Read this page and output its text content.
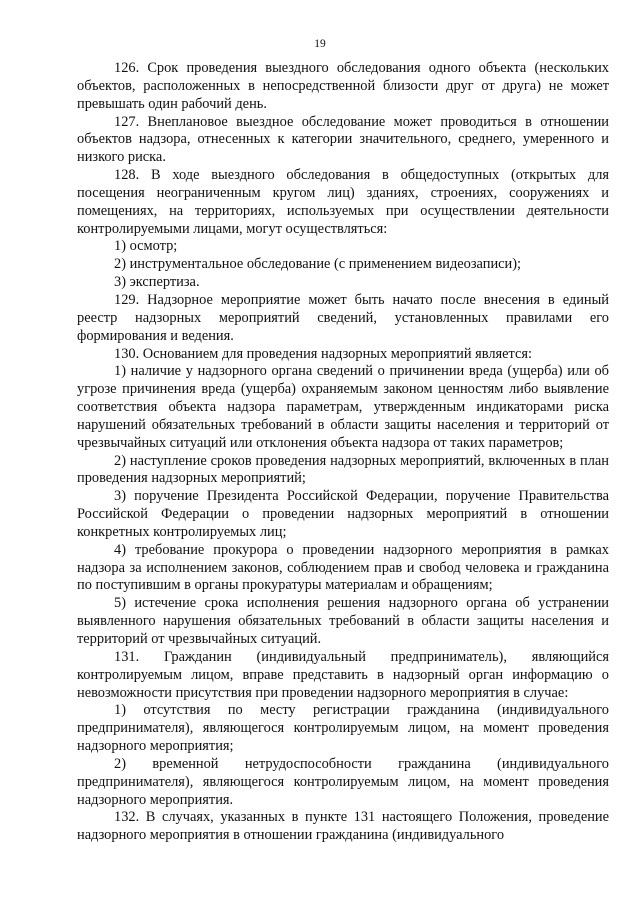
19

126. Срок проведения выездного обследования одного объекта (нескольких объектов, расположенных в непосредственной близости друг от друга) не может превышать один рабочий день.

127. Внеплановое выездное обследование может проводиться в отношении объектов надзора, отнесенных к категории значительного, среднего, умеренного и низкого риска.

128. В ходе выездного обследования в общедоступных (открытых для посещения неограниченным кругом лиц) зданиях, строениях, сооружениях и помещениях, на территориях, используемых при осуществлении деятельности контролируемыми лицами, могут осуществляться:

1) осмотр;

2) инструментальное обследование (с применением видеозаписи);

3) экспертиза.

129. Надзорное мероприятие может быть начато после внесения в единый реестр надзорных мероприятий сведений, установленных правилами его формирования и ведения.

130. Основанием для проведения надзорных мероприятий является:

1) наличие у надзорного органа сведений о причинении вреда (ущерба) или об угрозе причинения вреда (ущерба) охраняемым законом ценностям либо выявление соответствия объекта надзора параметрам, утвержденным индикаторами риска нарушений обязательных требований в области защиты населения и территорий от чрезвычайных ситуаций или отклонения объекта надзора от таких параметров;

2) наступление сроков проведения надзорных мероприятий, включенных в план проведения надзорных мероприятий;

3) поручение Президента Российской Федерации, поручение Правительства Российской Федерации о проведении надзорных мероприятий в отношении конкретных контролируемых лиц;

4) требование прокурора о проведении надзорного мероприятия в рамках надзора за исполнением законов, соблюдением прав и свобод человека и гражданина по поступившим в органы прокуратуры материалам и обращениям;

5) истечение срока исполнения решения надзорного органа об устранении выявленного нарушения обязательных требований в области защиты населения и территорий от чрезвычайных ситуаций.

131. Гражданин (индивидуальный предприниматель), являющийся контролируемым лицом, вправе представить в надзорный орган информацию о невозможности присутствия при проведении надзорного мероприятия в случае:

1) отсутствия по месту регистрации гражданина (индивидуального предпринимателя), являющегося контролируемым лицом, на момент проведения надзорного мероприятия;

2) временной нетрудоспособности гражданина (индивидуального предпринимателя), являющегося контролируемым лицом, на момент проведения надзорного мероприятия.

132. В случаях, указанных в пункте 131 настоящего Положения, проведение надзорного мероприятия в отношении гражданина (индивидуального
